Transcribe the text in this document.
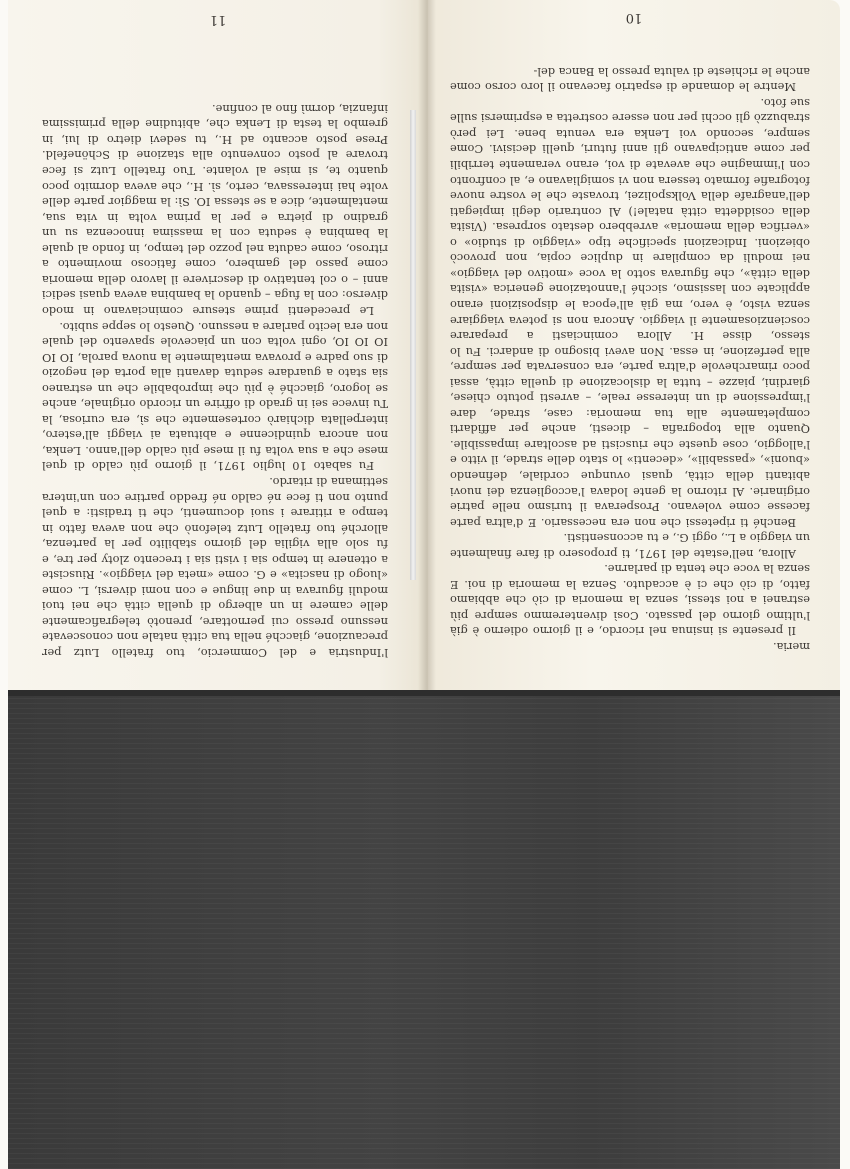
meria.

Il presente si insinua nel ricordo, e il giorno odierno è già l'ultimo giorno del passato. Così diventeremmo sempre più estranei a noi stessi, senza la memoria di ciò che abbiamo fatto, di ciò che ci è accaduto. Senza la memoria di noi. E senza la voce che tenta di parlarne.

Allora, nell'estate del 1971, ti proposero di fare finalmente un viaggio a L., oggi G., e tu acconsentisti.

Benché ti ripetessi che non era necessario. E d'altra parte facesse come volevano. Prosperava il turismo nelle patrie originarie. Al ritorno la gente lodava l'accoglienza dei nuovi abitanti della città, quasi ovunque cordiale, definendo «buoni», «passabili», «decenti» lo stato delle strade, il vitto e l'alloggio, cose queste che riuscisti ad ascoltare impassibile. Quanto alla topografia – dicesti, anche per affidarti completamente alla tua memoria: case, strade, dare l'impressione di un interesse reale, – avresti potuto chiese, giardini, piazze – tutta la dislocazione di quella città, assai poco rimarchevole d'altra parte, era conservata per sempre, alla perfezione, in essa. Non avevi bisogno di andarci. Fu lo stesso, disse H. Allora cominciasti a preparare coscienziosamente il viaggio. Ancora non si poteva viaggiare senza visto, è vero, ma già all'epoca le disposizioni erano applicate con lassismo, sicché l'annotazione generica «visita della città», che figurava sotto la voce «motivo del viaggio» nei moduli da compilare in duplice copia, non provocò obiezioni. Indicazioni specifiche tipo «viaggio di studio» o «verifica della memoria» avrebbero destato sorpresa. (Visita della cosiddetta città natale!) Al contrario degli impiegati dell'anagrafe della Volkspolizei, trovaste che le vostre nuove fotografie formato tessera non vi somigliavano e, al confronto con l'immagine che avevate di voi, erano veramente terribili per come anticipavano gli anni futuri, quelli decisivi. Come sempre, secondo voi Lenka era venuta bene. Lei però strabuzzò gli occhi per non essere costretta a esprimersi sulle sue foto.

Mentre le domande di espatrio facevano il loro corso come anche le richieste di valuta presso la Banca del-

10

l'Industria e del Commercio, tuo fratello Lutz per precauzione, giacché nella tua città natale non conoscevate nessuno presso cui pernottare, prenotò telegraficamente delle camere in un albergo di quella città che nei tuoi moduli figurava in due lingue e con nomi diversi, L. come «luogo di nascita» e G. come «meta del viaggio». Riusciste a ottenere in tempo sia i visti sia i trecento zloty per tre, e fu solo alla vigilia del giorno stabilito per la partenza, allorché tuo fratello Lutz telefonò che non aveva fatto in tempo a ritirare i suoi documenti, che ti tradisti: a quel punto non ti fece né caldo né freddo partire con un'intera settimana di ritardo.

Fu sabato 10 luglio 1971, il giorno più caldo di quel mese che a sua volta fu il mese più caldo dell'anno. Lenka, non ancora quindicenne e abituata ai viaggi all'estero, interpellata dichiarò cortesemente che sì, era curiosa, la Tu invece sei in grado di offrire un ricordo originale, anche se logoro, giacché è più che improbabile che un estraneo sia stato a guardare seduta davanti alla porta del negozio di suo padre e provava mentalmente la nuova parola, IO IO IO IO IO, ogni volta con un piacevole spavento del quale non era lecito parlare a nessuno. Questo lo seppe subito.

Le precedenti prime stesure cominciavano in modo diverso: con la fuga – quando la bambina aveva quasi sedici anni – o col tentativo di descrivere il lavoro della memoria come passo del gambero, come faticoso movimento a ritroso, come caduta nel pozzo del tempo, in fondo al quale la bambina è seduta con la massima innocenza su un gradino di pietra e per la prima volta in vita sua, mentalmente, dice a se stessa IO. Sì: la maggior parte delle volte hai interessava, certo, sì. H., che aveva dormito poco quanto te, si mise al volante. Tuo fratello Lutz si fece trovare al posto convenuto alla stazione di Schönefeld. Prese posto accanto ad H., tu sedevi dietro di lui, in grembo la testa di Lenka che, abitudine della primissima infanzia, dormì fino al confine.

11
